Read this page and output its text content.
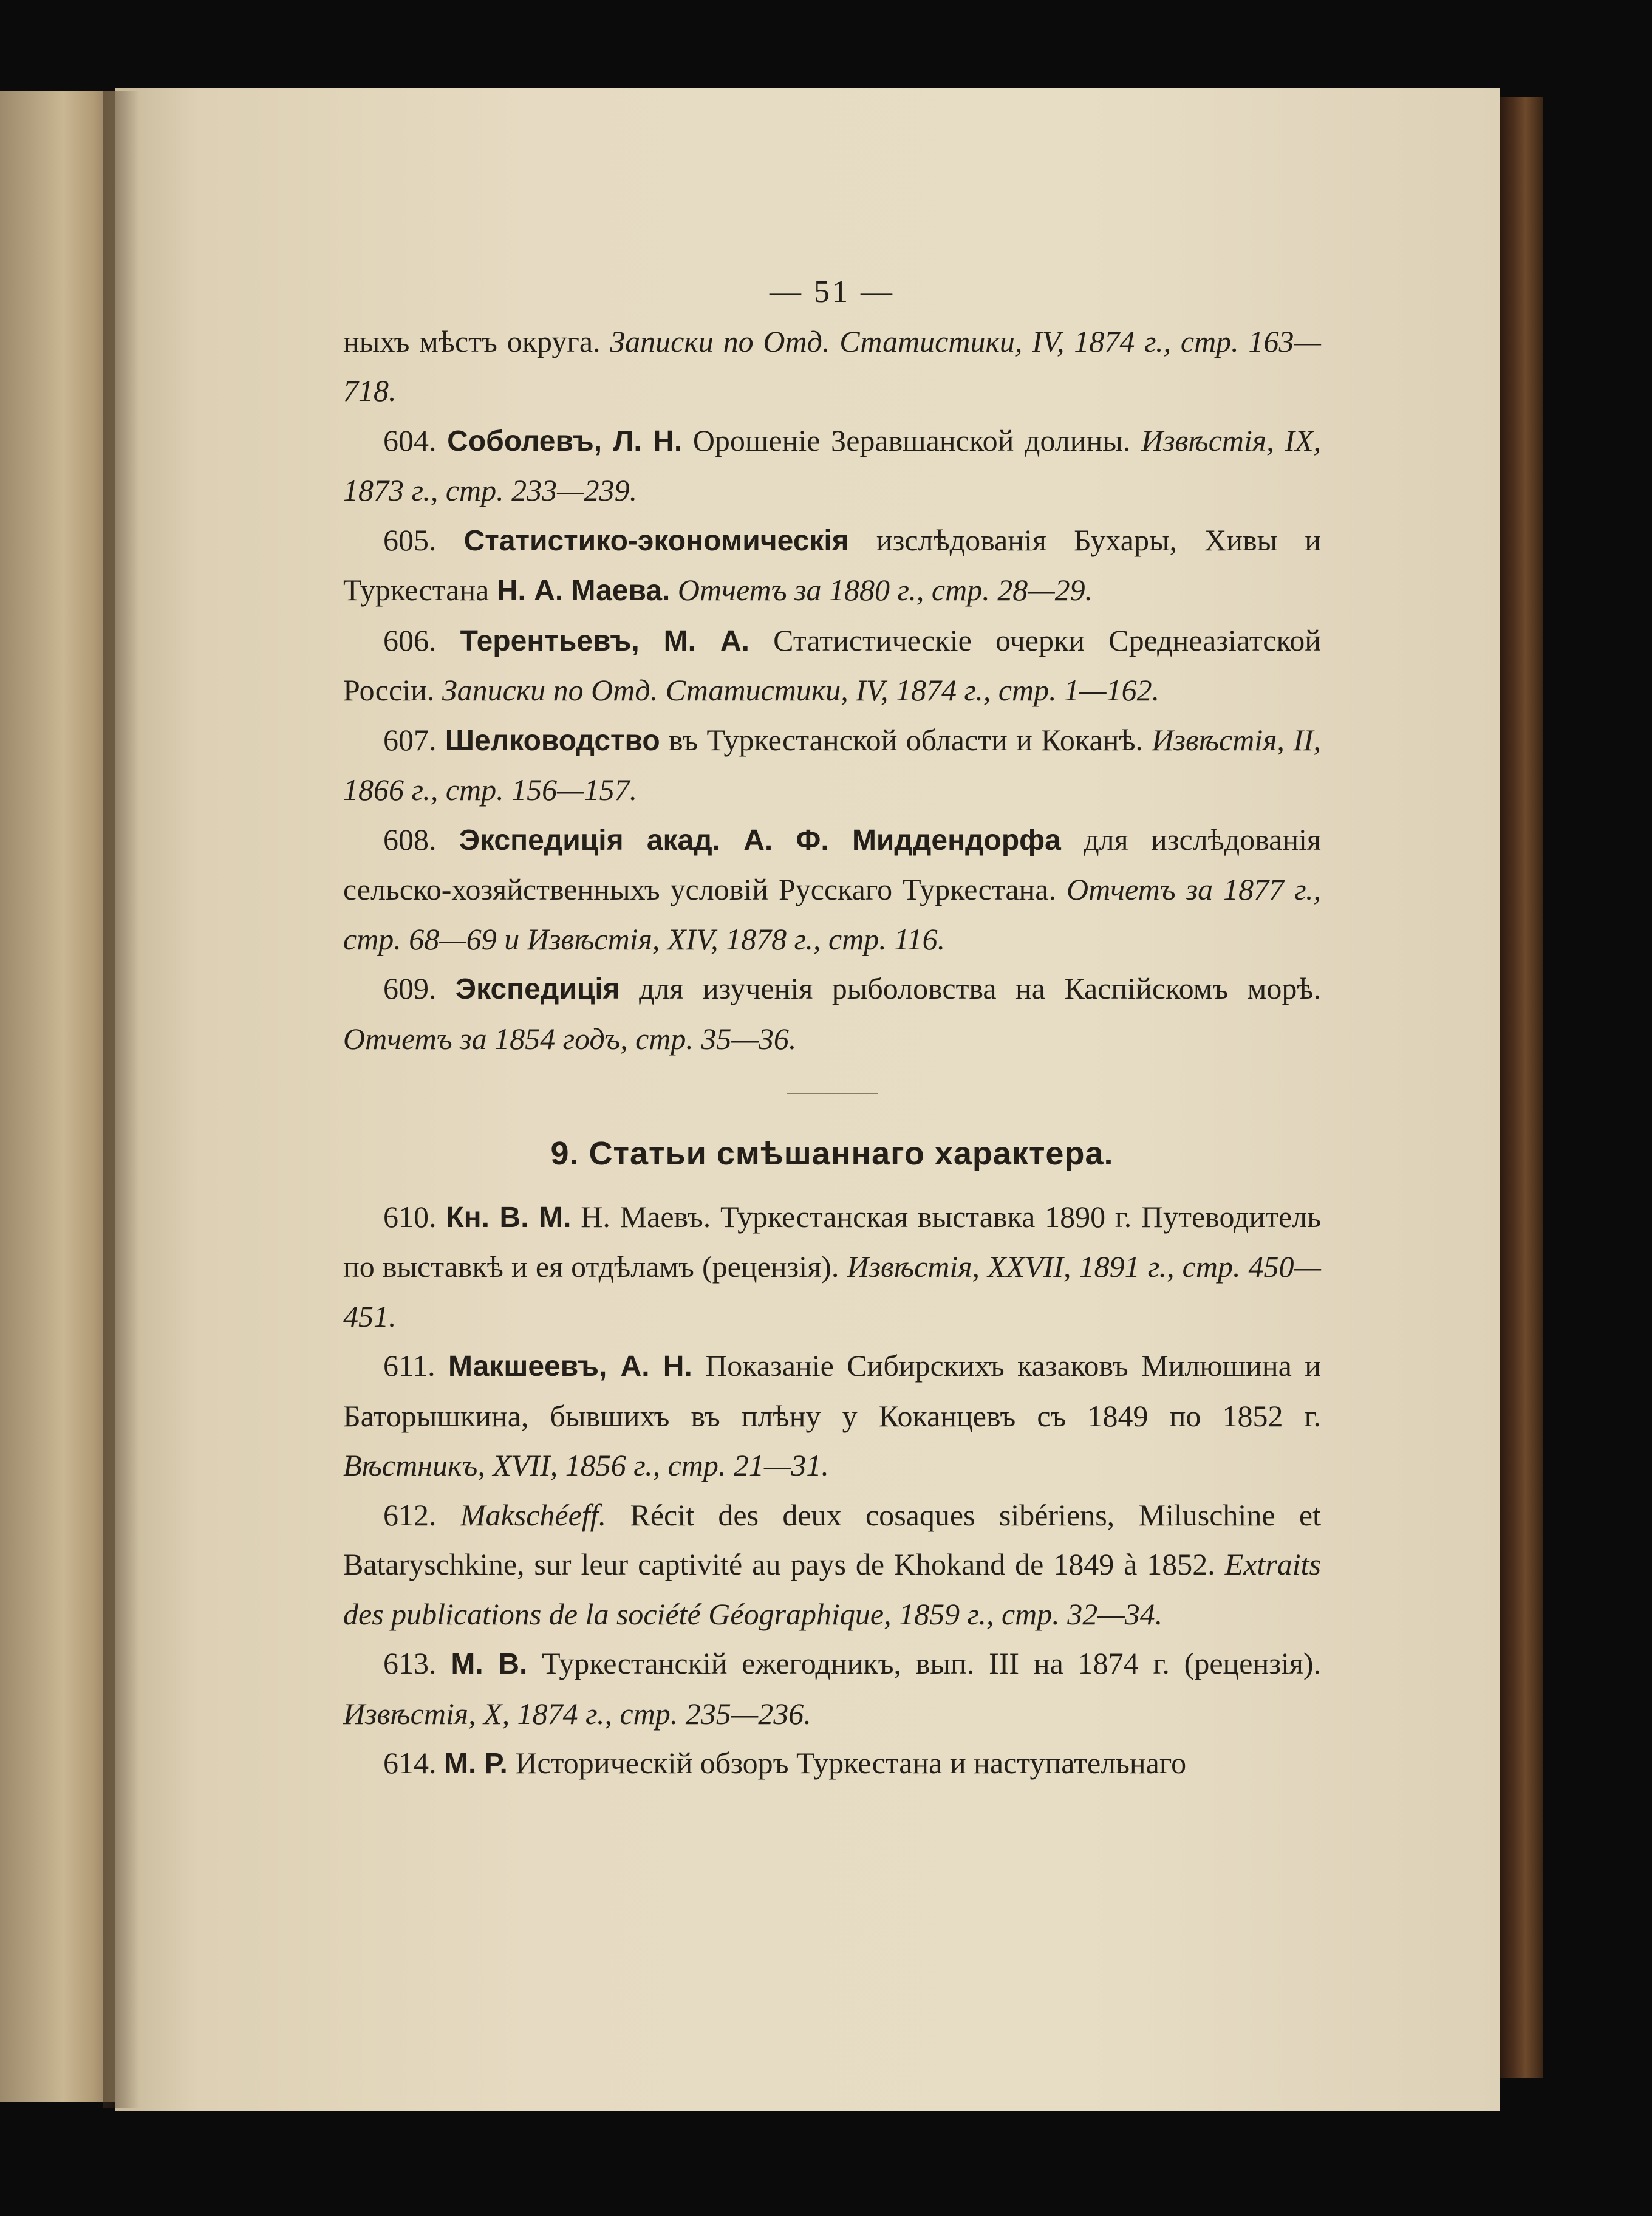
— 51 —

ныхъ мѣстъ округа. Записки по Отд. Статистики, IV, 1874 г., стр. 163—718.

604. Соболевъ, Л. Н. Орошеніе Зеравшанской долины. Извѣстія, IX, 1873 г., стр. 233—239.

605. Статистико-экономическія изслѣдованія Бухары, Хивы и Туркестана Н. А. Маева. Отчетъ за 1880 г., стр. 28—29.

606. Терентьевъ, М. А. Статистическіе очерки Среднеазіатской Россіи. Записки по Отд. Статистики, IV, 1874 г., стр. 1—162.

607. Шелководство въ Туркестанской области и Коканѣ. Извѣстія, II, 1866 г., стр. 156—157.

608. Экспедиція акад. А. Ф. Миддендорфа для изслѣдованія сельско-хозяйственныхъ условій Русскаго Туркестана. Отчетъ за 1877 г., стр. 68—69 и Извѣстія, XIV, 1878 г., стр. 116.

609. Экспедиція для изученія рыболовства на Каспійскомъ морѣ. Отчетъ за 1854 годъ, стр. 35—36.

9. Статьи смѣшаннаго характера.

610. Кн. В. М. Н. Маевъ. Туркестанская выставка 1890 г. Путеводитель по выставкѣ и ея отдѣламъ (рецензія). Извѣстія, XXVII, 1891 г., стр. 450—451.

611. Макшеевъ, А. Н. Показаніе Сибирскихъ казаковъ Милюшина и Баторышкина, бывшихъ въ плѣну у Коканцевъ съ 1849 по 1852 г. Вѣстникъ, XVII, 1856 г., стр. 21—31.

612. Makschéeff. Récit des deux cosaques sibériens, Miluschine et Bataryschkine, sur leur captivité au pays de Khokand de 1849 à 1852. Extraits des publications de la société Géographique, 1859 г., стр. 32—34.

613. М. В. Туркестанскій ежегодникъ, вып. III на 1874 г. (рецензія). Извѣстія, X, 1874 г., стр. 235—236.

614. М. Р. Историческій обзоръ Туркестана и наступательнаго
